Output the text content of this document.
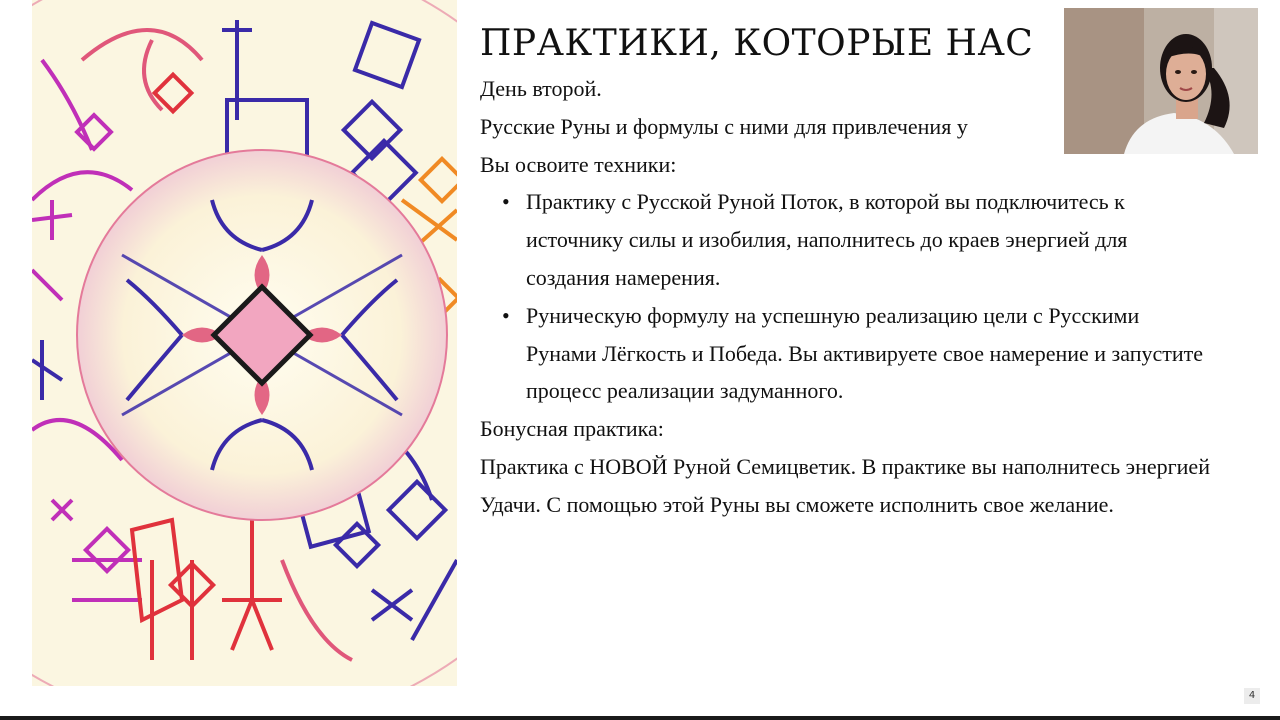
ПРАКТИКИ, КОТОРЫЕ НАС

День второй.

Русские Руны и формулы с ними для привлечения у

Вы освоите техники:

• Практику с Русской Руной Поток, в которой вы подключитесь к источнику силы и изобилия, наполнитесь до краев энергией для создания намерения.
• Руническую формулу на успешную реализацию цели с Русскими Рунами Лёгкость и Победа. Вы активируете свое намерение и запустите процесс реализации задуманного.

Бонусная практика:

Практика с НОВОЙ Руной Семицветик. В практике вы наполнитесь энергией Удачи. С помощью этой Руны вы сможете исполнить свое желание.

4
